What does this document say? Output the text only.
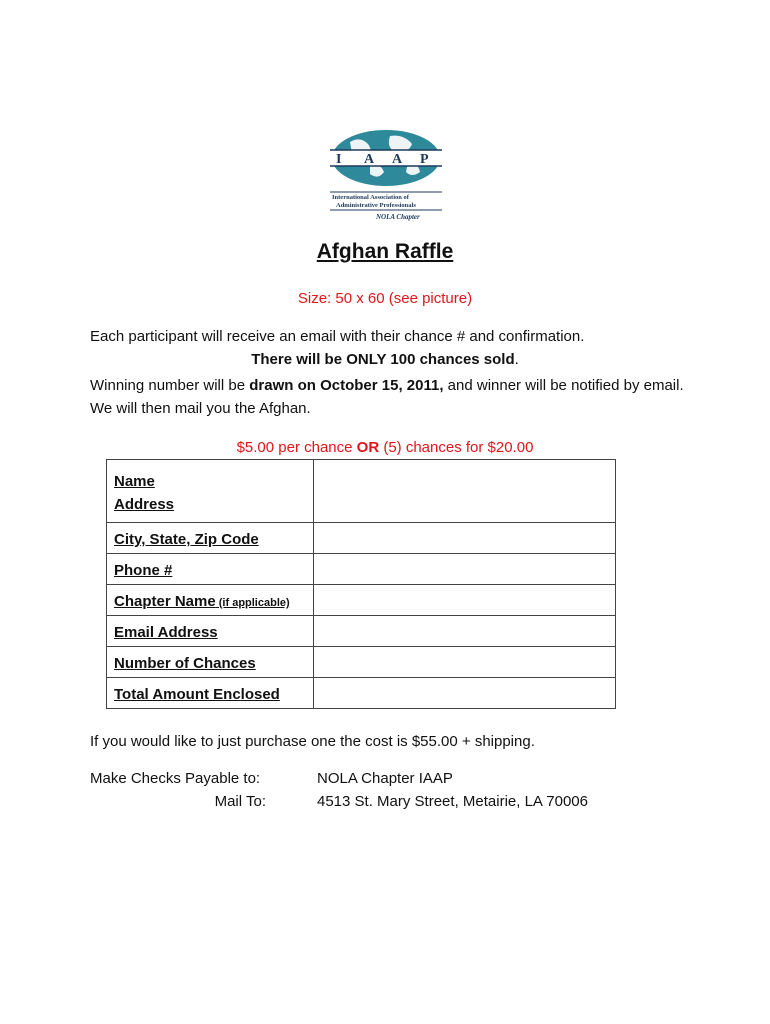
I A A P
International Association of
Administrative Professionals
NOLA Chapter
Afghan Raffle
Size: 50 x 60 (see picture)
Each participant will receive an email with their chance # and confirmation.
There will be ONLY 100 chances sold.
Winning number will be drawn on October 15, 2011, and winner will be notified by email. We will then mail you the Afghan.
$5.00 per chance OR (5) chances for $20.00
Name
Address	
City, State, Zip Code	
Phone #	
Chapter Name (if applicable)	
Email Address	
Number of Chances	
Total Amount Enclosed	
If you would like to just purchase one the cost is $55.00 + shipping.
Make Checks Payable to:	NOLA Chapter IAAP
Mail To:	4513 St. Mary Street, Metairie, LA 70006
